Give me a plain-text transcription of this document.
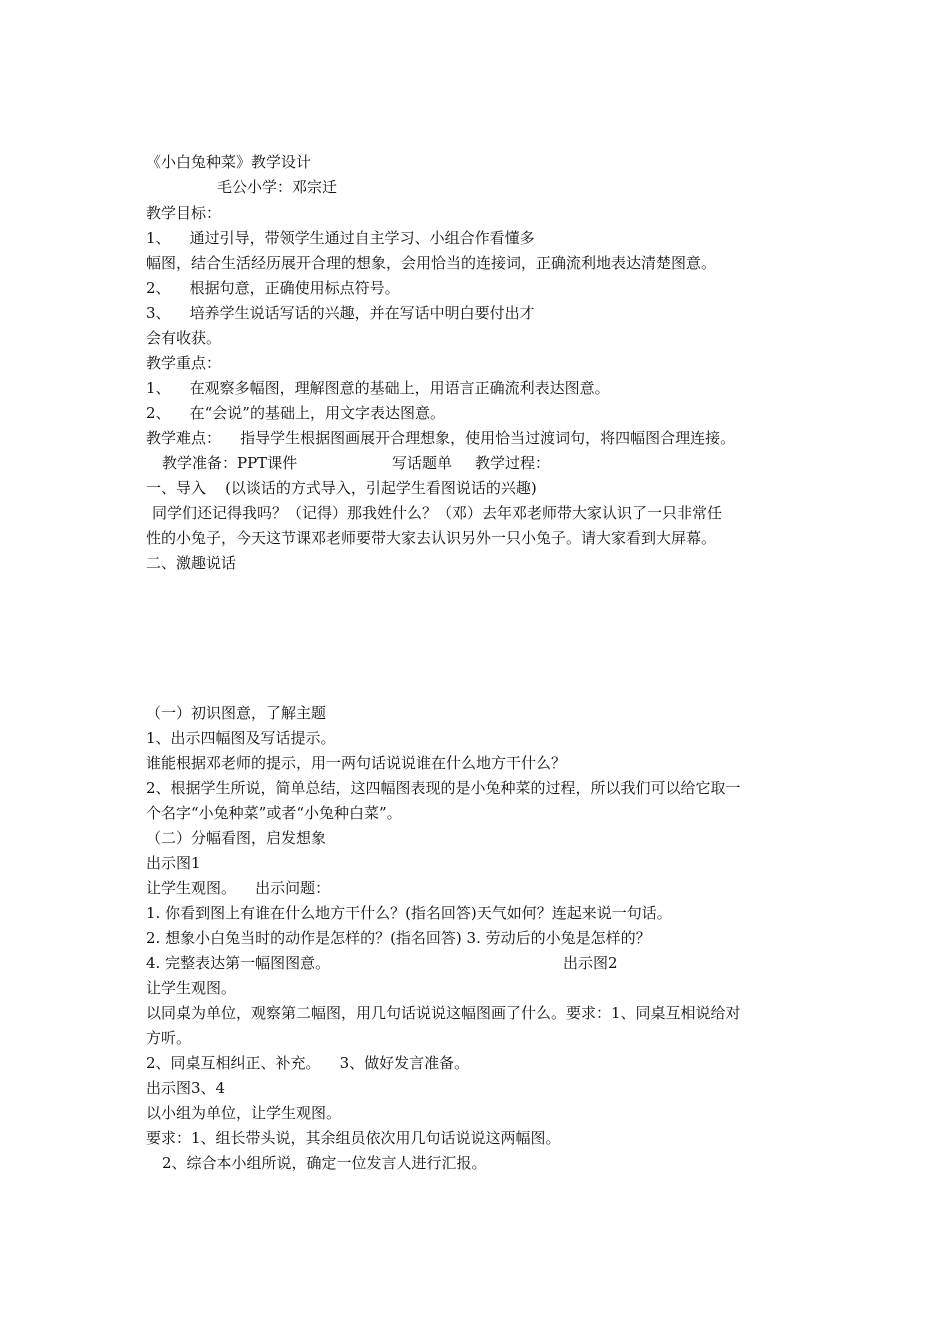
《小白兔种菜》教学设计
毛公小学：邓宗迁
教学目标：
1、    通过引导，带领学生通过自主学习、小组合作看懂多
幅图，结合生活经历展开合理的想象，会用恰当的连接词，正确流利地表达清楚图意。
2、    根据句意，正确使用标点符号。
3、    培养学生说话写话的兴趣，并在写话中明白要付出才
会有收获。
教学重点：
1、    在观察多幅图，理解图意的基础上，用语言正确流利表达图意。
2、    在“会说”的基础上，用文字表达图意。
教学难点：    指导学生根据图画展开合理想象，使用恰当过渡词句，将四幅图合理连接。
教学准备：PPT课件	写话题单 教学过程：
一、导入    (以谈话的方式导入，引起学生看图说话的兴趣)
同学们还记得我吗？（记得）那我姓什么？（邓）去年邓老师带大家认识了一只非常任
性的小兔子，今天这节课邓老师要带大家去认识另外一只小兔子。请大家看到大屏幕。
二、激趣说话
（一）初识图意，了解主题
1、出示四幅图及写话提示。
谁能根据邓老师的提示，用一两句话说说谁在什么地方干什么？
2、根据学生所说，简单总结，这四幅图表现的是小兔种菜的过程，所以我们可以给它取一
个名字“小兔种菜”或者“小兔种白菜”。
（二）分幅看图，启发想象
出示图1
让学生观图。    出示问题：
1. 你看到图上有谁在什么地方干什么？(指名回答)天气如何？连起来说一句话。
2. 想象小白兔当时的动作是怎样的？(指名回答) 3. 劳动后的小兔是怎样的？
4. 完整表达第一幅图图意。	出示图2
让学生观图。
以同桌为单位，观察第二幅图，用几句话说说这幅图画了什么。要求：1、同桌互相说给对
方听。
2、同桌互相纠正、补充。    3、做好发言准备。
出示图3、4
以小组为单位，让学生观图。
要求：1、组长带头说，其余组员依次用几句话说说这两幅图。
2、综合本小组所说，确定一位发言人进行汇报。
